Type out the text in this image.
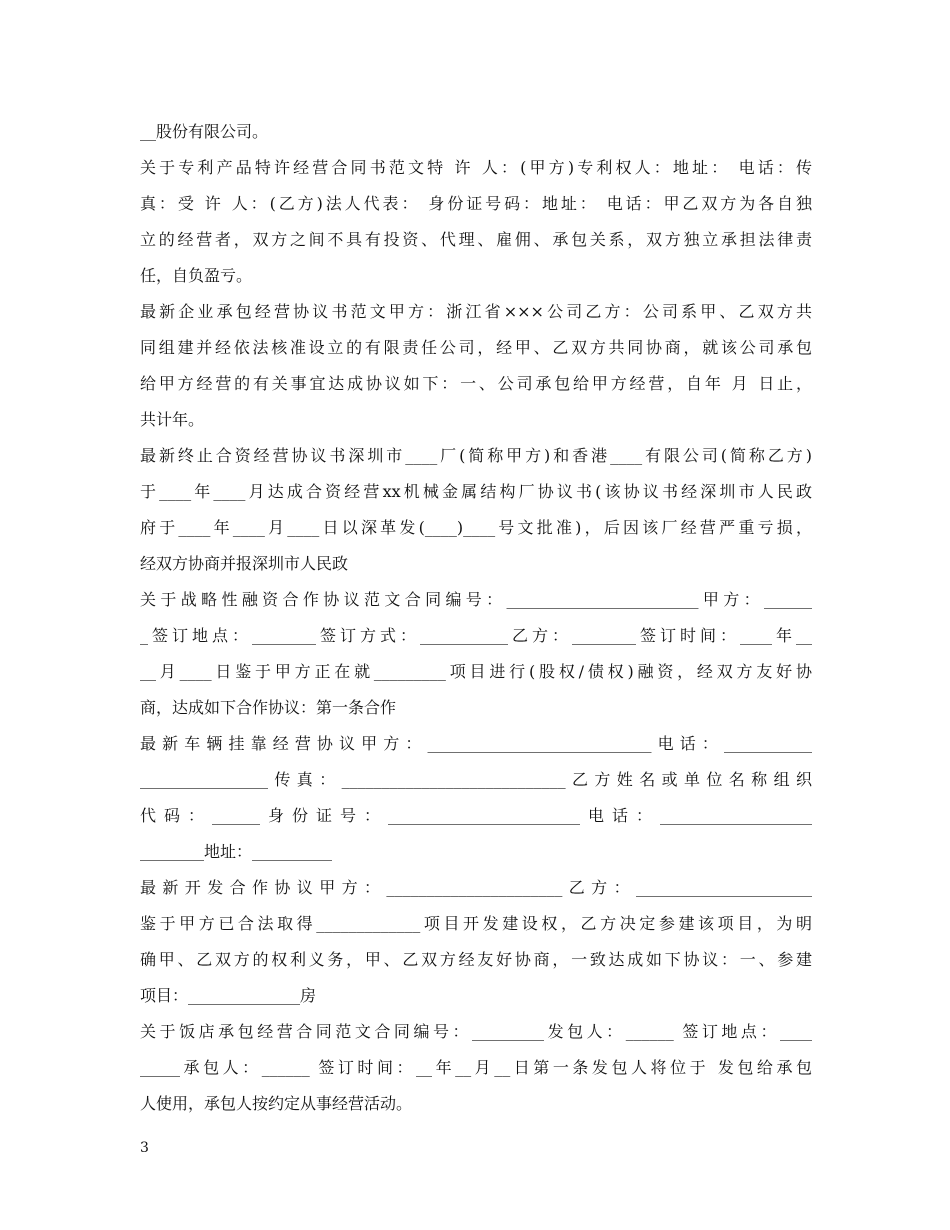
__股份有限公司。
关于专利产品特许经营合同书范文特 许 人：(甲方)专利权人：地址： 电话：传
真：受 许 人：(乙方)法人代表： 身份证号码：地址： 电话：甲乙双方为各自独
立的经营者，双方之间不具有投资、代理、雇佣、承包关系，双方独立承担法律责
任，自负盈亏。
最新企业承包经营协议书范文甲方：浙江省×××公司乙方：公司系甲、乙双方共
同组建并经依法核准设立的有限责任公司，经甲、乙双方共同协商，就该公司承包
给甲方经营的有关事宜达成协议如下：一、公司承包给甲方经营，自年 月 日止，
共计年。
最新终止合资经营协议书深圳市____厂(简称甲方)和香港____有限公司(简称乙方)
于____年____月达成合资经营xx机械金属结构厂协议书(该协议书经深圳市人民政
府于____年____月____日以深革发(____)____号文批准)，后因该厂经营严重亏损，
经双方协商并报深圳市人民政
关于战略性融资合作协议范文合同编号：________________________甲方：______
_签订地点：________签订方式：___________乙方：________签订时间：____年__
__月____日鉴于甲方正在就_________项目进行(股权/债权)融资，经双方友好协
商，达成如下合作协议：第一条合作
最新车辆挂靠经营协议甲方：____________________________电话：___________
________________传真：____________________________乙方姓名或单位名称组织
代码：______身份证号：________________________电话：___________________
________地址：__________
最新开发合作协议甲方：______________________乙方：______________________
鉴于甲方已合法取得_____________项目开发建设权，乙方决定参建该项目，为明
确甲、乙双方的权利义务，甲、乙双方经友好协商，一致达成如下协议：一、参建
项目：______________房
关于饭店承包经营合同范文合同编号：_________发包人：______ 签订地点：____
_____承包人：______ 签订时间：__年__月__日第一条发包人将位于 发包给承包
人使用，承包人按约定从事经营活动。
3
